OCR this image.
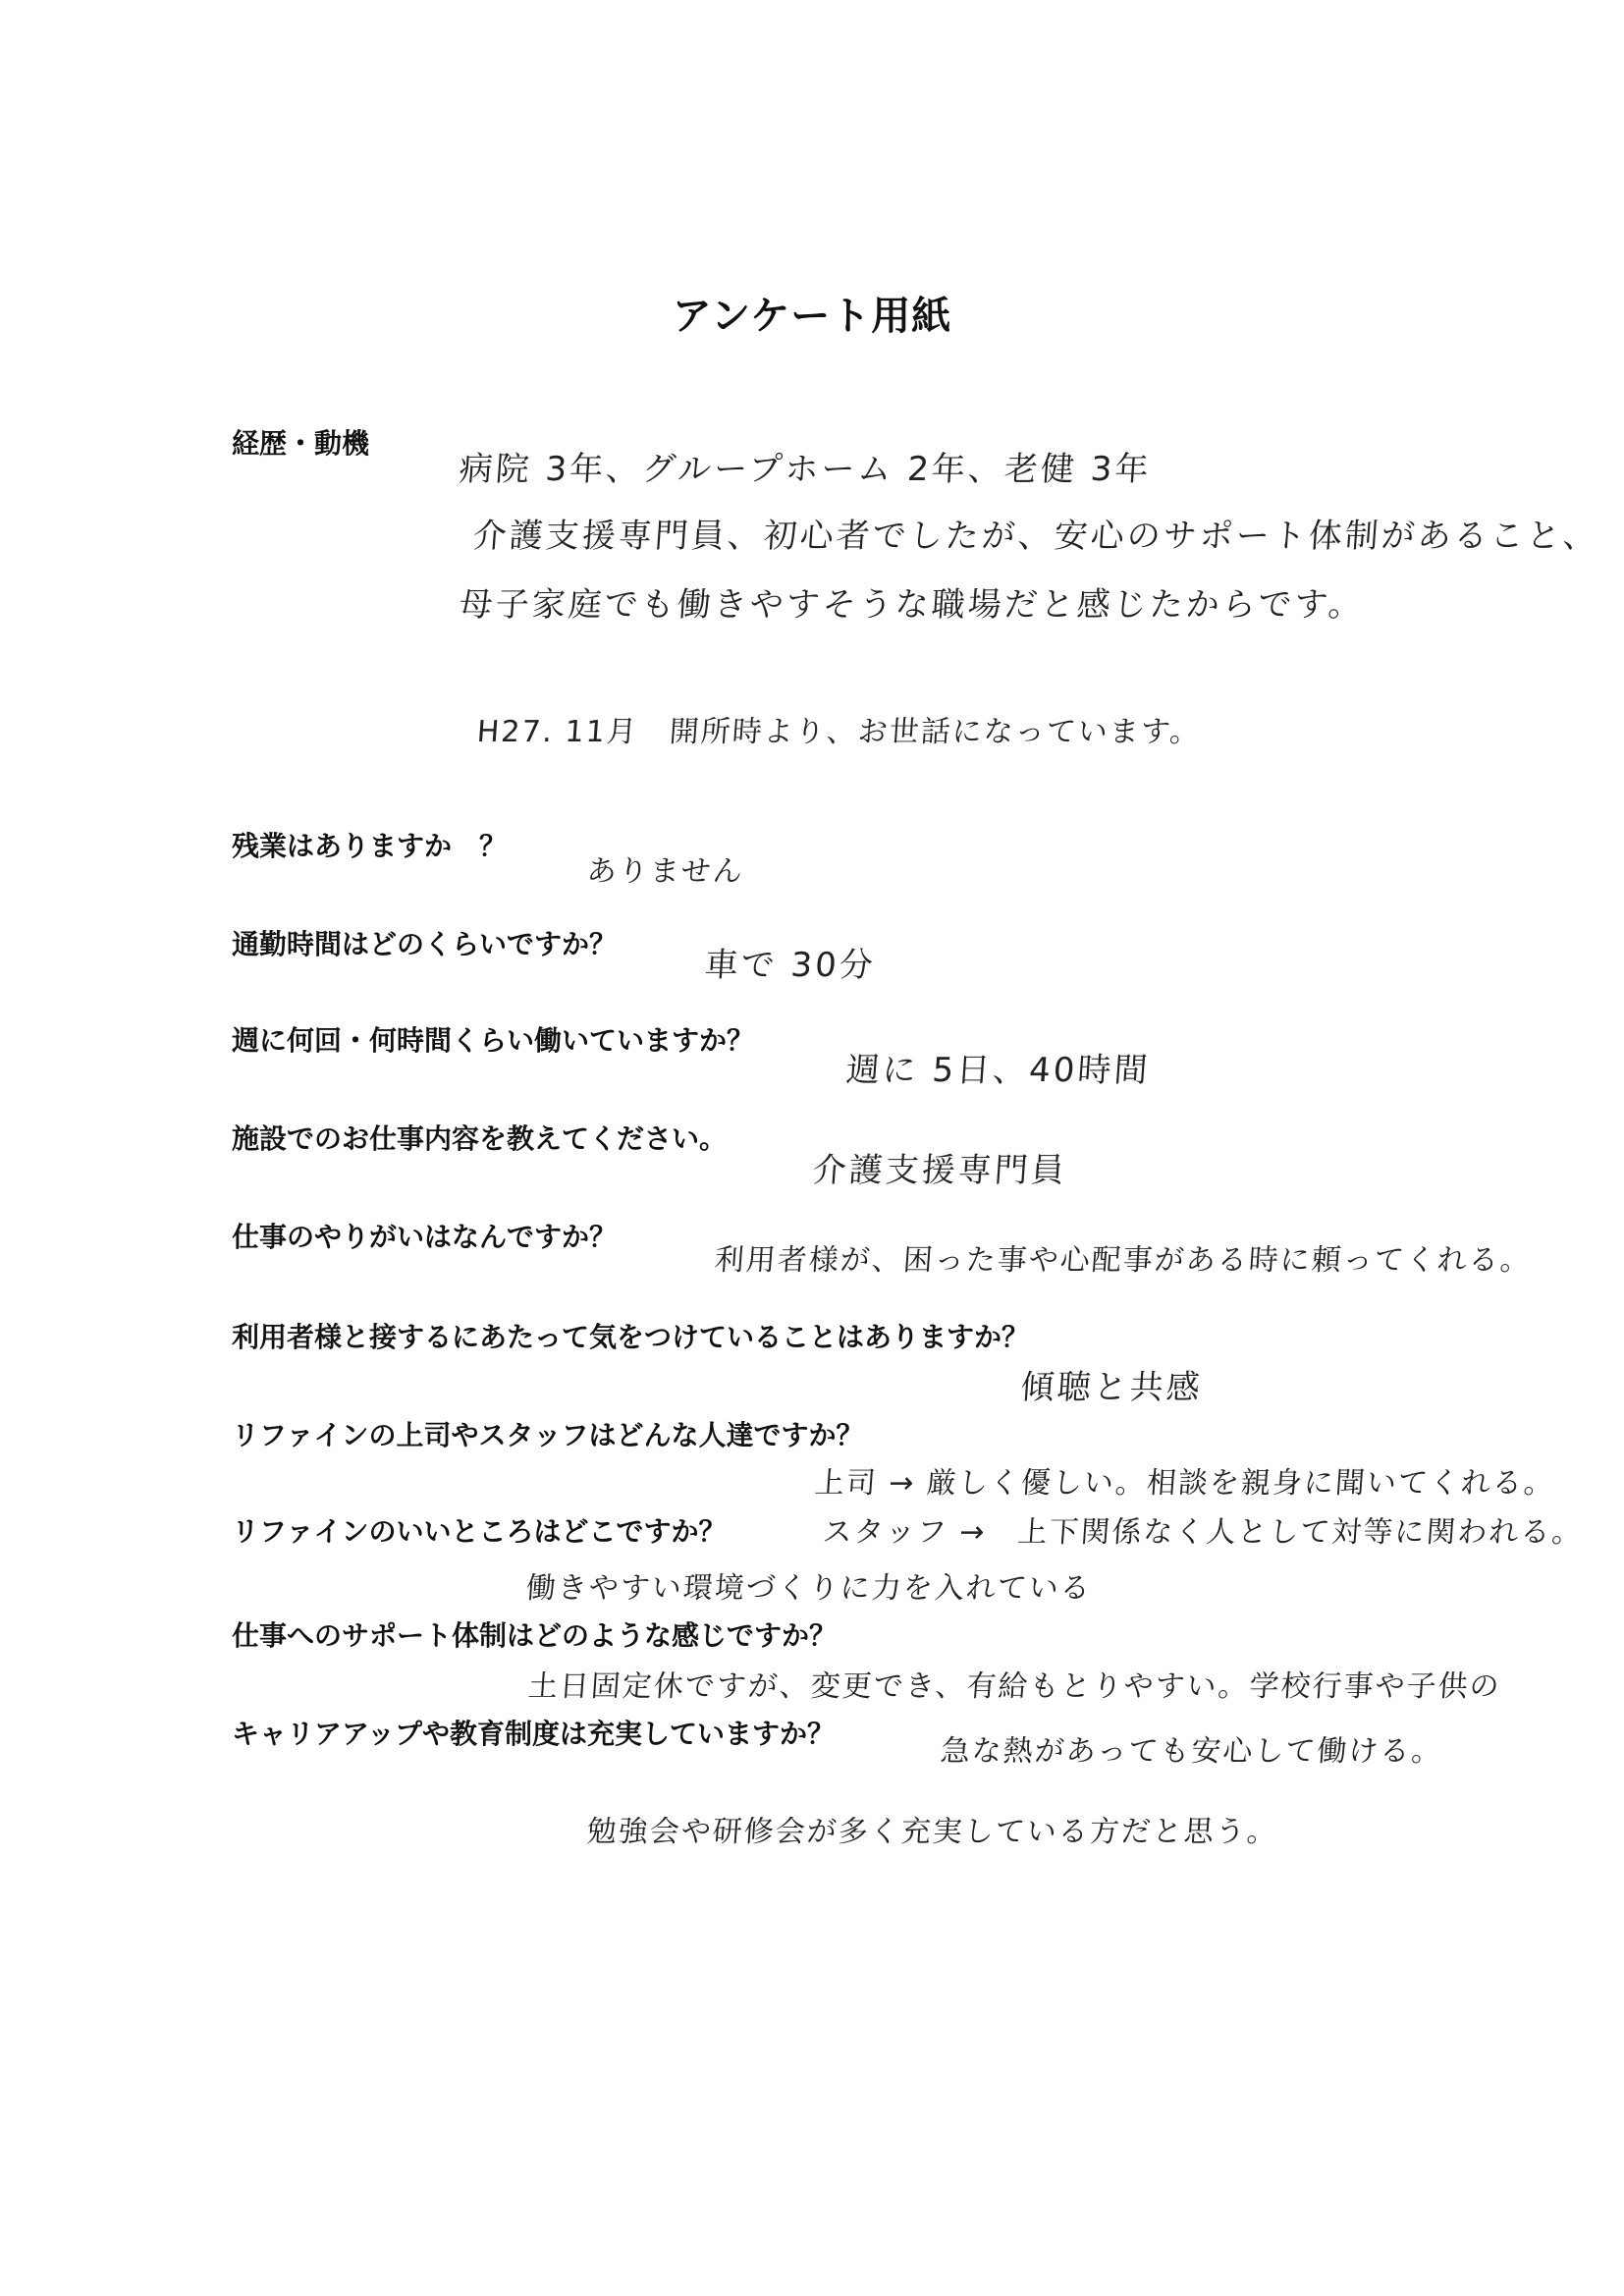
アンケート用紙
経歴・動機
病院 3年、グループホーム 2年、老健 3年
介護支援専門員、初心者でしたが、安心のサポート体制があること、
母子家庭でも働きやすそうな職場だと感じたからです。
H27. 11月　開所時より、お世話になっています。
残業はありますか　？
ありません
通勤時間はどのくらいですか？
車で 30分
週に何回・何時間くらい働いていますか？
週に 5日、40時間
施設でのお仕事内容を教えてください。
介護支援専門員
仕事のやりがいはなんですか？
利用者様が、困った事や心配事がある時に頼ってくれる。
利用者様と接するにあたって気をつけていることはありますか？
傾聴と共感
リファインの上司やスタッフはどんな人達ですか？
上司 → 厳しく優しい。相談を親身に聞いてくれる。
リファインのいいところはどこですか？	スタッフ →　上下関係なく人として対等に関われる。
働きやすい環境づくりに力を入れている
仕事へのサポート体制はどのような感じですか？
土日固定休ですが、変更でき、有給もとりやすい。学校行事や子供の
キャリアアップや教育制度は充実していますか？
急な熱があっても安心して働ける。
勉強会や研修会が多く充実している方だと思う。
